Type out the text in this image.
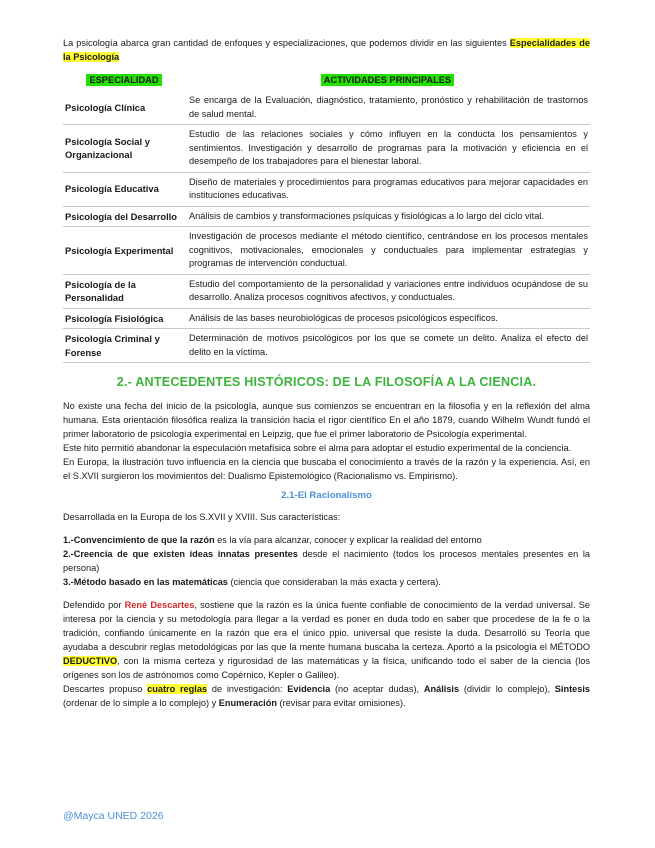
La psicología abarca gran cantidad de enfoques y especializaciones, que podemos dividir en las siguientes Especialidades de la Psicología

ESPECIALIDAD	ACTIVIDADES PRINCIPALES
Psicología Clínica	Se encarga de la Evaluación, diagnóstico, tratamiento, pronóstico y rehabilitación de trastornos de salud mental.
Psicología Social y Organizacional	Estudio de las relaciones sociales y cómo influyen en la conducta los pensamientos y sentimientos. Investigación y desarrollo de programas para la motivación y eficiencia en el desempeño de los trabajadores para el bienestar laboral.
Psicología Educativa	Diseño de materiales y procedimientos para programas educativos para mejorar capacidades en instituciones educativas.
Psicología del Desarrollo	Análisis de cambios y transformaciones psíquicas y fisiológicas a lo largo del ciclo vital.
Psicología Experimental	Investigación de procesos mediante el método científico, centrándose en los procesos mentales cognitivos, motivacionales, emocionales y conductuales para implementar estrategias y programas de intervención conductual.
Psicología de la Personalidad	Estudio del comportamiento de la personalidad y variaciones entre individuos ocupándose de su desarrollo. Analiza procesos cognitivos afectivos, y conductuales.
Psicología Fisiológica	Análisis de las bases neurobiológicas de procesos psicológicos específicos.
Psicología Criminal y Forense	Determinación de motivos psicológicos por los que se comete un delito. Analiza el efecto del delito en la víctima.
2.- ANTECEDENTES HISTÓRICOS: DE LA FILOSOFÍA A LA CIENCIA.

No existe una fecha del inicio de la psicología, aunque sus comienzos se encuentran en la filosofía y en la reflexión del alma humana. Esta orientación filosófica realiza la transición hacia el rigor científico En el año 1879, cuando Wilhelm Wundt fundó el primer laboratorio de psicología experimental en Leipzig, que fue el primer laboratorio de Psicología experimental.

Este hito permitió abandonar la especulación metafísica sobre el alma para adoptar el estudio experimental de la conciencia.

En Europa, la ilustración tuvo influencia en la ciencia que buscaba el conocimiento a través de la razón y la experiencia. Así, en el S.XVII surgieron los movimientos del: Dualismo Epistemológico (Racionalismo vs. Empirismo).

2.1-El Racionalismo

Desarrollada en la Europa de los S.XVII y XVIII. Sus características:

1.-Convencimiento de que la razón es la vía para alcanzar, conocer y explicar la realidad del entorno

2.-Creencia de que existen ideas innatas presentes desde el nacimiento (todos los procesos mentales presentes en la persona)

3.-Método basado en las matemáticas (ciencia que consideraban la más exacta y certera).

Defendido por René Descartes, sostiene que la razón es la única fuente confiable de conocimiento de la verdad universal. Se interesa por la ciencia y su metodología para llegar a la verdad es poner en duda todo en saber que procedese de la fe o la tradición, confiando únicamente en la razón que era el único ppio. universal que resiste la duda. Desarrolló su Teoría que ayudaba a descubrir reglas metodológicas por las que la mente humana buscaba la certeza. Aportó a la psicología el MÉTODO DEDUCTIVO, con la misma certeza y rigurosidad de las matemáticas y la física, unificando todo el saber de la ciencia (los orígenes son los de astrónomos como Copérnico, Kepler o Galileo).

Descartes propuso cuatro reglas de investigación: Evidencia (no aceptar dudas), Análisis (dividir lo complejo), Síntesis (ordenar de lo simple a lo complejo) y Enumeración (revisar para evitar omisiones).

@Mayca UNED 2026
